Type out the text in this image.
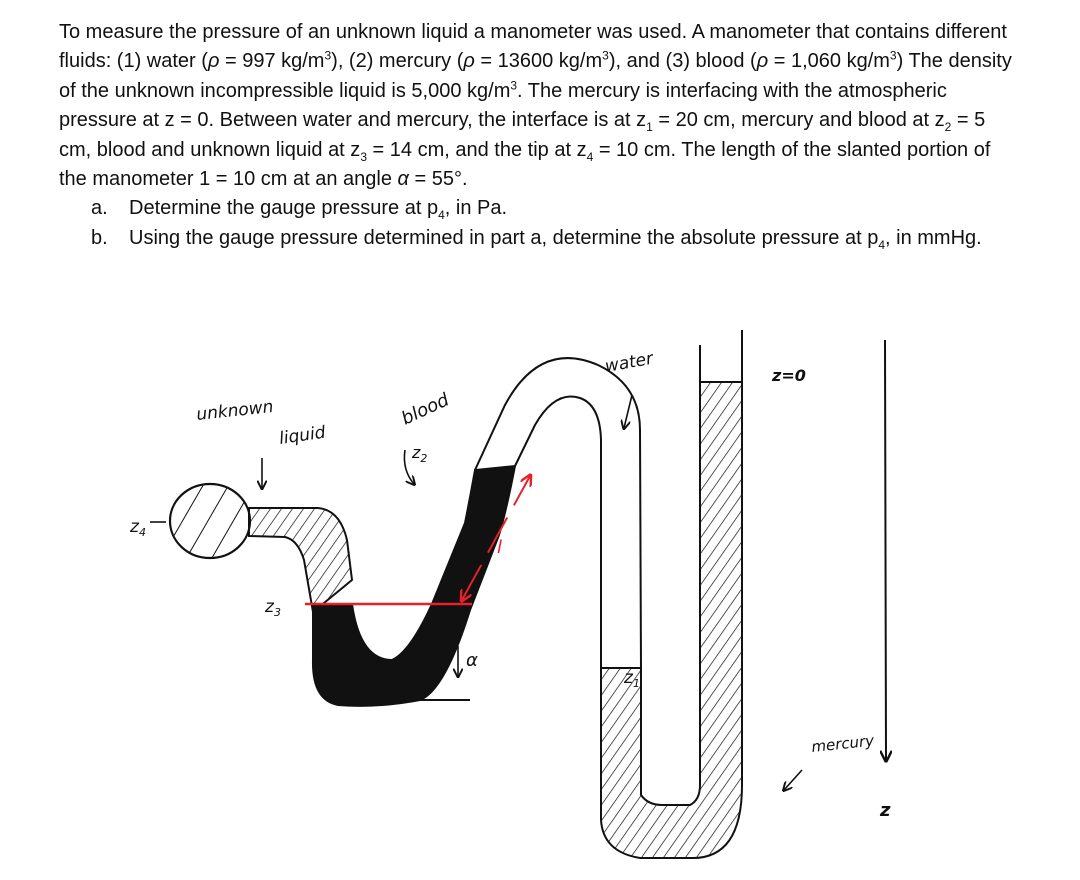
To measure the pressure of an unknown liquid a manometer was used. A manometer that contains different fluids: (1) water (ρ = 997 $kg/m^3$), (2) mercury (ρ = 13600 $kg/m^3$), and (3) blood (ρ = 1,060 $kg/m^3$) The density of the unknown incompressible liquid is 5,000 $kg/m^3$. The mercury is interfacing with the atmospheric pressure at z = 0. Between water and mercury, the interface is at $z_1 = 20$ cm, mercury and blood at $z_2 = 5$ cm, blood and unknown liquid at $z_3 = 14$ cm, and the tip at $z_4 = 10$ cm. The length of the slanted portion of the manometer 1 = 10 cm at an angle α = 55°.

a. Determine the gauge pressure at $p_4$, in Pa.
b. Using the gauge pressure determined in part a, determine the absolute pressure at $p_4$, in mmHg.
unknown
liquid
blood
$z_2$
water	z=0
$z_4$
$z_3$
l
α
$z_1$
mercury
z
